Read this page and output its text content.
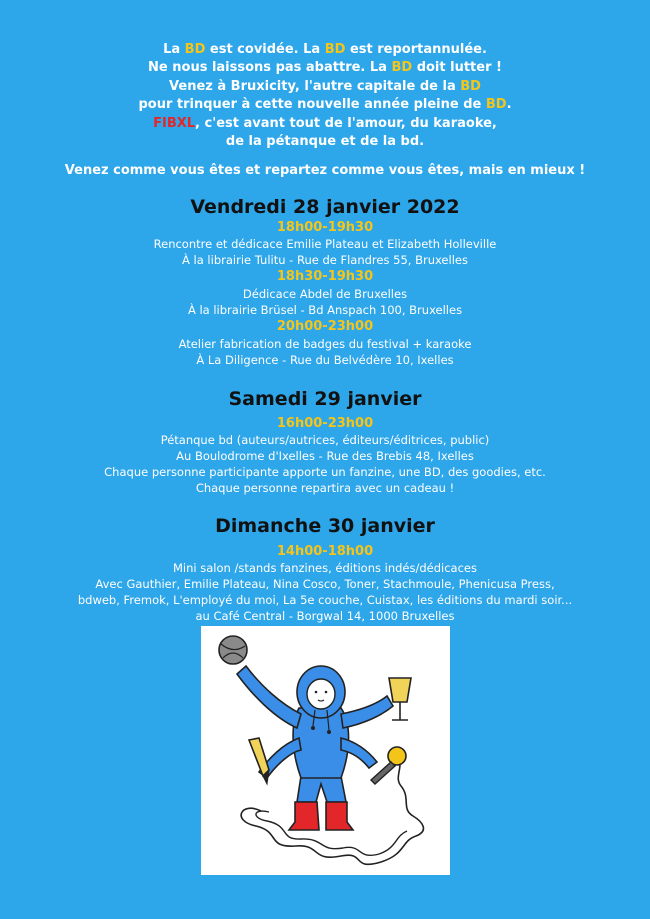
La BD est covidée. La BD est reportannulée.
Ne nous laissons pas abattre. La BD doit lutter !
Venez à Bruxicity, l'autre capitale de la BD
pour trinquer à cette nouvelle année pleine de BD.
FIBXL, c'est avant tout de l'amour, du karaoke,
de la pétanque et de la bd.
Venez comme vous êtes et repartez comme vous êtes, mais en mieux !
Vendredi 28 janvier 2022
18h00-19h30
Rencontre et dédicace Emilie Plateau et Elizabeth Holleville
À la librairie Tulitu - Rue de Flandres 55, Bruxelles
18h30-19h30
Dédicace Abdel de Bruxelles
À la librairie Brüsel - Bd Anspach 100, Bruxelles
20h00-23h00
Atelier fabrication de badges du festival + karaoke
À La Diligence - Rue du Belvédère 10, Ixelles
Samedi 29 janvier
16h00-23h00
Pétanque bd (auteurs/autrices, éditeurs/éditrices, public)
Au Boulodrome d'Ixelles - Rue des Brebis 48, Ixelles
Chaque personne participante apporte un fanzine, une BD, des goodies, etc.
Chaque personne repartira avec un cadeau !
Dimanche 30 janvier
14h00-18h00
Mini salon /stands fanzines, éditions indés/dédicaces
Avec Gauthier, Emilie Plateau, Nina Cosco, Toner, Stachmoule, Phenicusa Press,
bdweb, Fremok, L'employé du moi, La 5e couche, Cuistax, les éditions du mardi soir...
au Café Central - Borgwal 14, 1000 Bruxelles
